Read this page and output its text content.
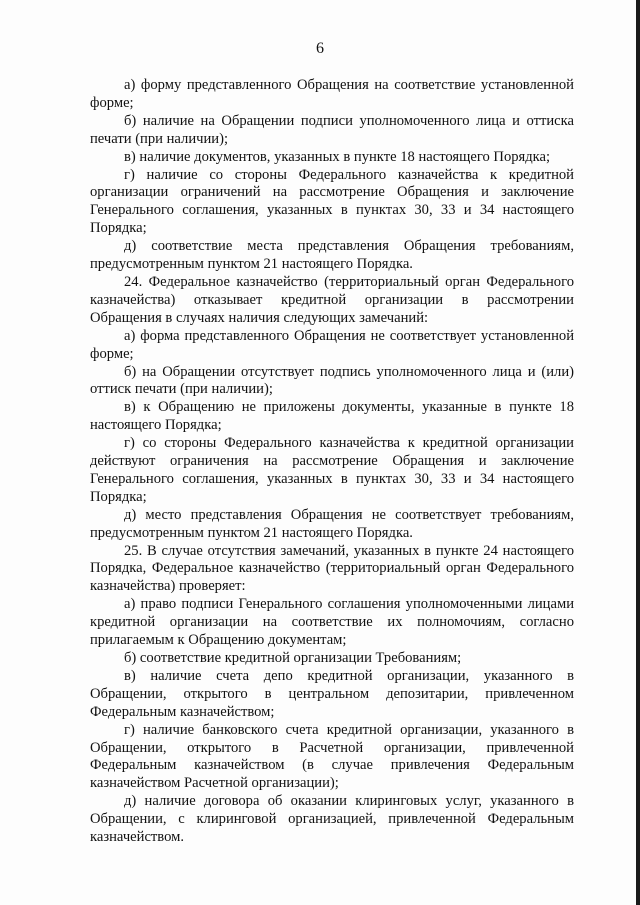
6

а) форму представленного Обращения на соответствие установленной форме;

б) наличие на Обращении подписи уполномоченного лица и оттиска печати (при наличии);

в) наличие документов, указанных в пункте 18 настоящего Порядка;

г) наличие со стороны Федерального казначейства к кредитной организации ограничений на рассмотрение Обращения и заключение Генерального соглашения, указанных в пунктах 30, 33 и 34 настоящего Порядка;

д) соответствие места представления Обращения требованиям, предусмотренным пунктом 21 настоящего Порядка.

24. Федеральное казначейство (территориальный орган Федерального казначейства) отказывает кредитной организации в рассмотрении Обращения в случаях наличия следующих замечаний:

а) форма представленного Обращения не соответствует установленной форме;

б) на Обращении отсутствует подпись уполномоченного лица и (или) оттиск печати (при наличии);

в) к Обращению не приложены документы, указанные в пункте 18 настоящего Порядка;

г) со стороны Федерального казначейства к кредитной организации действуют ограничения на рассмотрение Обращения и заключение Генерального соглашения, указанных в пунктах 30, 33 и 34 настоящего Порядка;

д) место представления Обращения не соответствует требованиям, предусмотренным пунктом 21 настоящего Порядка.

25. В случае отсутствия замечаний, указанных в пункте 24 настоящего Порядка, Федеральное казначейство (территориальный орган Федерального казначейства) проверяет:

а) право подписи Генерального соглашения уполномоченными лицами кредитной организации на соответствие их полномочиям, согласно прилагаемым к Обращению документам;

б) соответствие кредитной организации Требованиям;

в) наличие счета депо кредитной организации, указанного в Обращении, открытого в центральном депозитарии, привлеченном Федеральным казначейством;

г) наличие банковского счета кредитной организации, указанного в Обращении, открытого в Расчетной организации, привлеченной Федеральным казначейством (в случае привлечения Федеральным казначейством Расчетной организации);

д) наличие договора об оказании клиринговых услуг, указанного в Обращении, с клиринговой организацией, привлеченной Федеральным казначейством.
